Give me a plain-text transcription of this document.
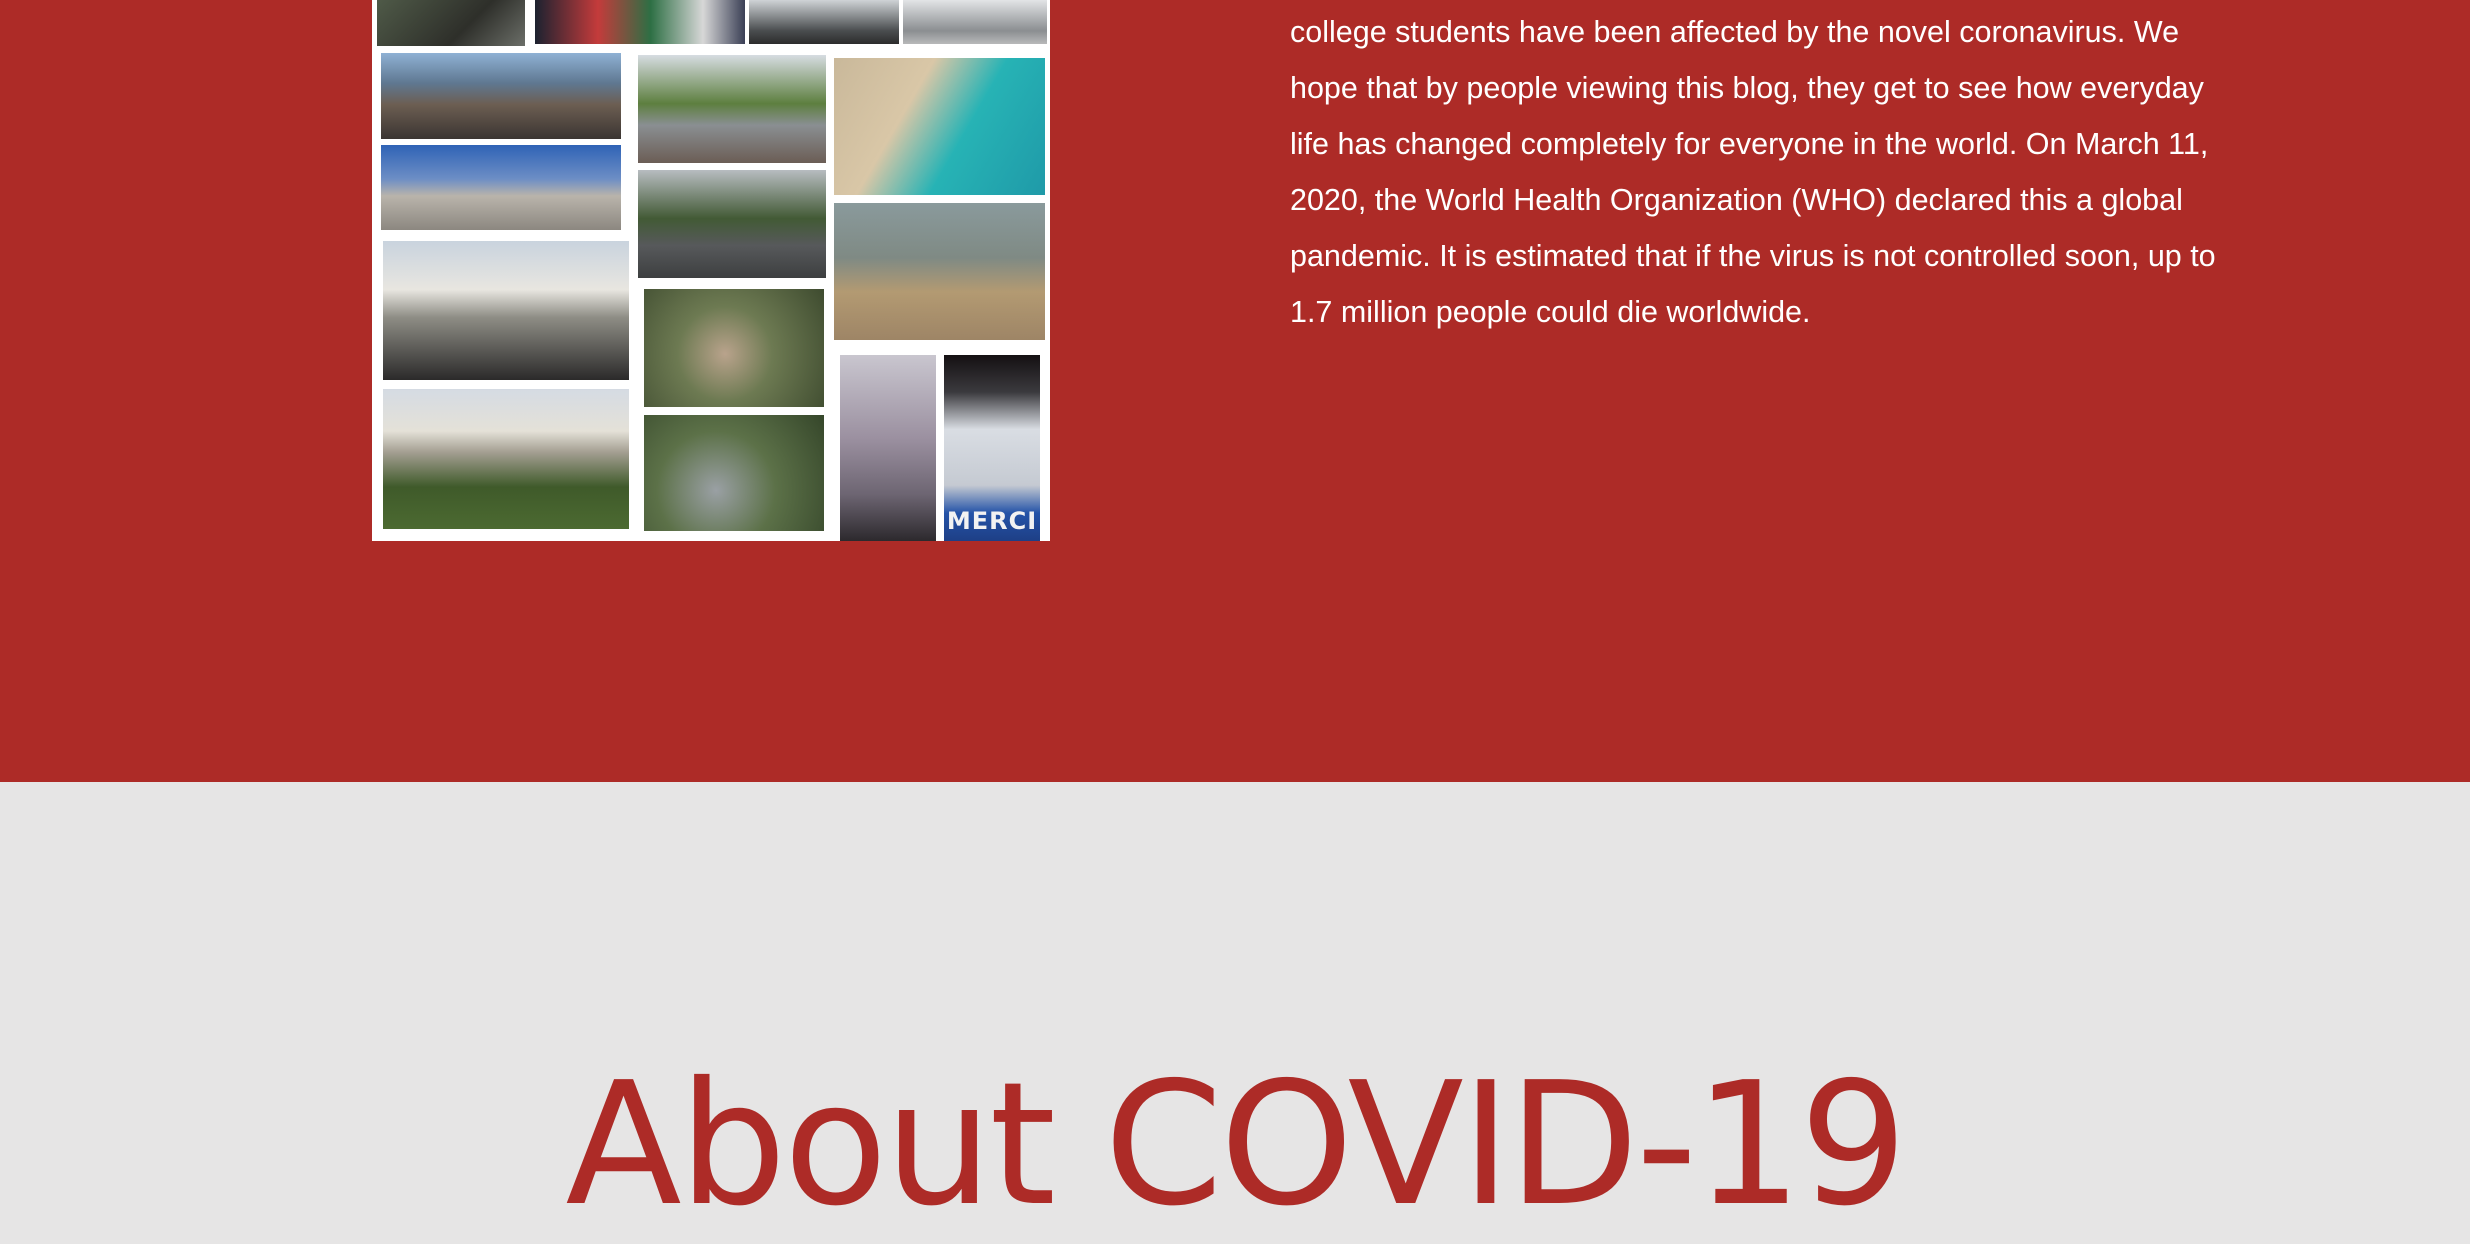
MERCI

college students have been affected by the novel coronavirus. We hope that by people viewing this blog, they get to see how everyday life has changed completely for everyone in the world. On March 11, 2020, the World Health Organization (WHO) declared this a global pandemic. It is estimated that if the virus is not controlled soon, up to 1.7 million people could die worldwide.

About COVID-19
